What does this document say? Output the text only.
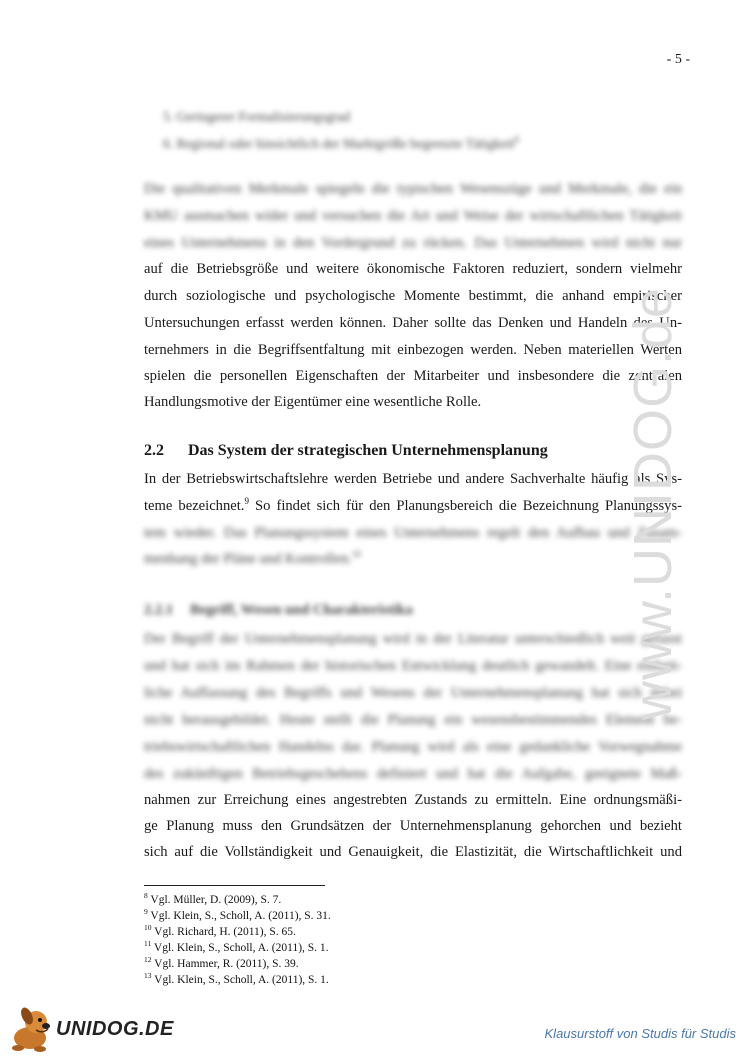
- 5 -
5. Geringerer Formalisierungsgrad
6. Regional oder hinsichtlich der Marktgröße begrenzte Tätigkeit$^8$
Die qualitativen Merkmale spiegeln die typischen Wesenszüge und Merkmale, die ein
KMU ausmachen wider und versuchen die Art und Weise der wirtschaftlichen Tätigkeit
eines Unternehmens in den Vordergrund zu rücken. Das Unternehmen wird nicht nur
auf die Betriebsgröße und weitere ökonomische Faktoren reduziert, sondern vielmehr
durch soziologische und psychologische Momente bestimmt, die anhand empirischer
Untersuchungen erfasst werden können. Daher sollte das Denken und Handeln des Un-
ternehmers in die Begriffsentfaltung mit einbezogen werden. Neben materiellen Werten
spielen die personellen Eigenschaften der Mitarbeiter und insbesondere die zentralen
Handlungsmotive der Eigentümer eine wesentliche Rolle.
2.2 Das System der strategischen Unternehmensplanung
In der Betriebswirtschaftslehre werden Betriebe und andere Sachverhalte häufig als Sys-
teme bezeichnet.$^9$ So findet sich für den Planungsbereich die Bezeichnung Planungssys-
tem wieder. Das Planungssystem eines Unternehmens regelt den Aufbau und Zusam-
menhang der Pläne und Kontrollen.$^{10}$
2.2.1 Begriff, Wesen und Charakteristika
Der Begriff der Unternehmensplanung wird in der Literatur unterschiedlich weit gefasst
und hat sich im Rahmen der historischen Entwicklung deutlich gewandelt. Eine einheit-
liche Auffassung des Begriffs und Wesens der Unternehmensplanung hat sich dabei
nicht herausgebildet. Heute stellt die Planung ein wesensbestimmendes Element be-
triebswirtschaftlichen Handelns dar. Planung wird als eine gedankliche Vorwegnahme
des zukünftigen Betriebsgeschehens definiert und hat die Aufgabe, geeignete Maß-
nahmen zur Erreichung eines angestrebten Zustands zu ermitteln. Eine ordnungsmäßi-
ge Planung muss den Grundsätzen der Unternehmensplanung gehorchen und bezieht
sich auf die Vollständigkeit und Genauigkeit, die Elastizität, die Wirtschaftlichkeit und
$^8$ Vgl. Müller, D. (2009), S. 7.
$^9$ Vgl. Klein, S., Scholl, A. (2011), S. 31.
$^{10}$ Vgl. Richard, H. (2011), S. 65.
$^{11}$ Vgl. Klein, S., Scholl, A. (2011), S. 1.
$^{12}$ Vgl. Hammer, R. (2011), S. 39.
$^{13}$ Vgl. Klein, S., Scholl, A. (2011), S. 1.
www.UNIDOG.de
UNIDOG.DE	Klausurstoff von Studis für Studis
